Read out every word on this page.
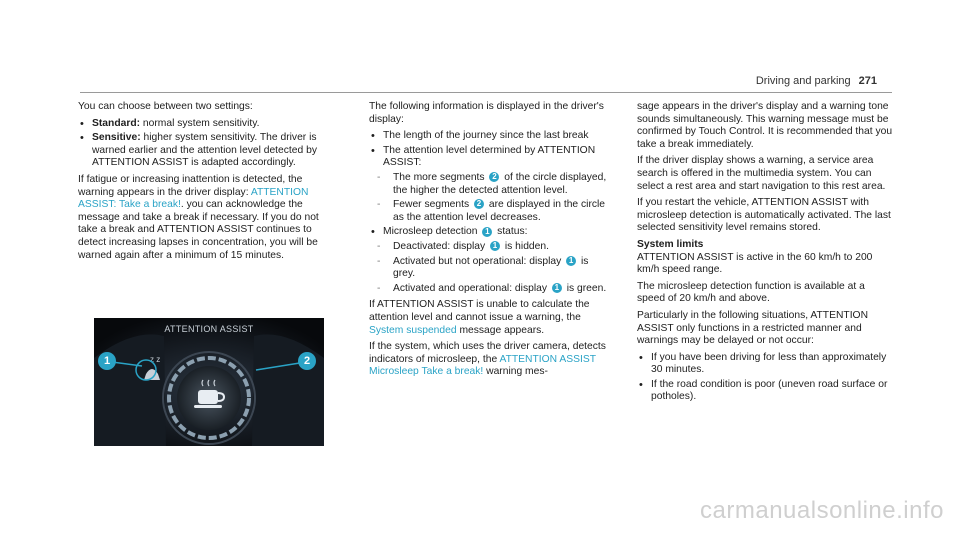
Driving and parking 271

You can choose between two settings:

• Standard: normal system sensitivity.
• Sensitive: higher system sensitivity. The driver is warned earlier and the attention level detected by ATTENTION ASSIST is adapted accordingly.

If fatigue or increasing inattention is detected, the warning appears in the driver display: ATTENTION ASSIST: Take a break!. you can acknowledge the message and take a break if necessary. If you do not take a break and ATTENTION ASSIST continues to detect increasing lapses in concentration, you will be warned again after a minimum of 15 minutes.

z z
ATTENTION ASSIST
1	2

The following information is displayed in the driver's display:

• The length of the journey since the last break
• The attention level determined by ATTENTION ASSIST:
- The more segments 2 of the circle displayed, the higher the detected attention level.
- Fewer segments 2 are displayed in the circle as the attention level decreases.
• Microsleep detection 1 status:
- Deactivated: display 1 is hidden.
- Activated but not operational: display 1 is grey.
- Activated and operational: display 1 is green.

If ATTENTION ASSIST is unable to calculate the attention level and cannot issue a warning, the System suspended message appears.

If the system, which uses the driver camera, detects indicators of microsleep, the ATTENTION ASSIST Microsleep Take a break! warning mes-

sage appears in the driver's display and a warning tone sounds simultaneously. This warning message must be confirmed by Touch Control. It is recommended that you take a break immediately.

If the driver display shows a warning, a service area search is offered in the multimedia system. You can select a rest area and start navigation to this rest area.

If you restart the vehicle, ATTENTION ASSIST with microsleep detection is automatically activated. The last selected sensitivity level remains stored.

System limits

ATTENTION ASSIST is active in the 60 km/h to 200 km/h speed range.

The microsleep detection function is available at a speed of 20 km/h and above.

Particularly in the following situations, ATTENTION ASSIST only functions in a restricted manner and warnings may be delayed or not occur:

• If you have been driving for less than approximately 30 minutes.
• If the road condition is poor (uneven road surface or potholes).
carmanualsonline.info
